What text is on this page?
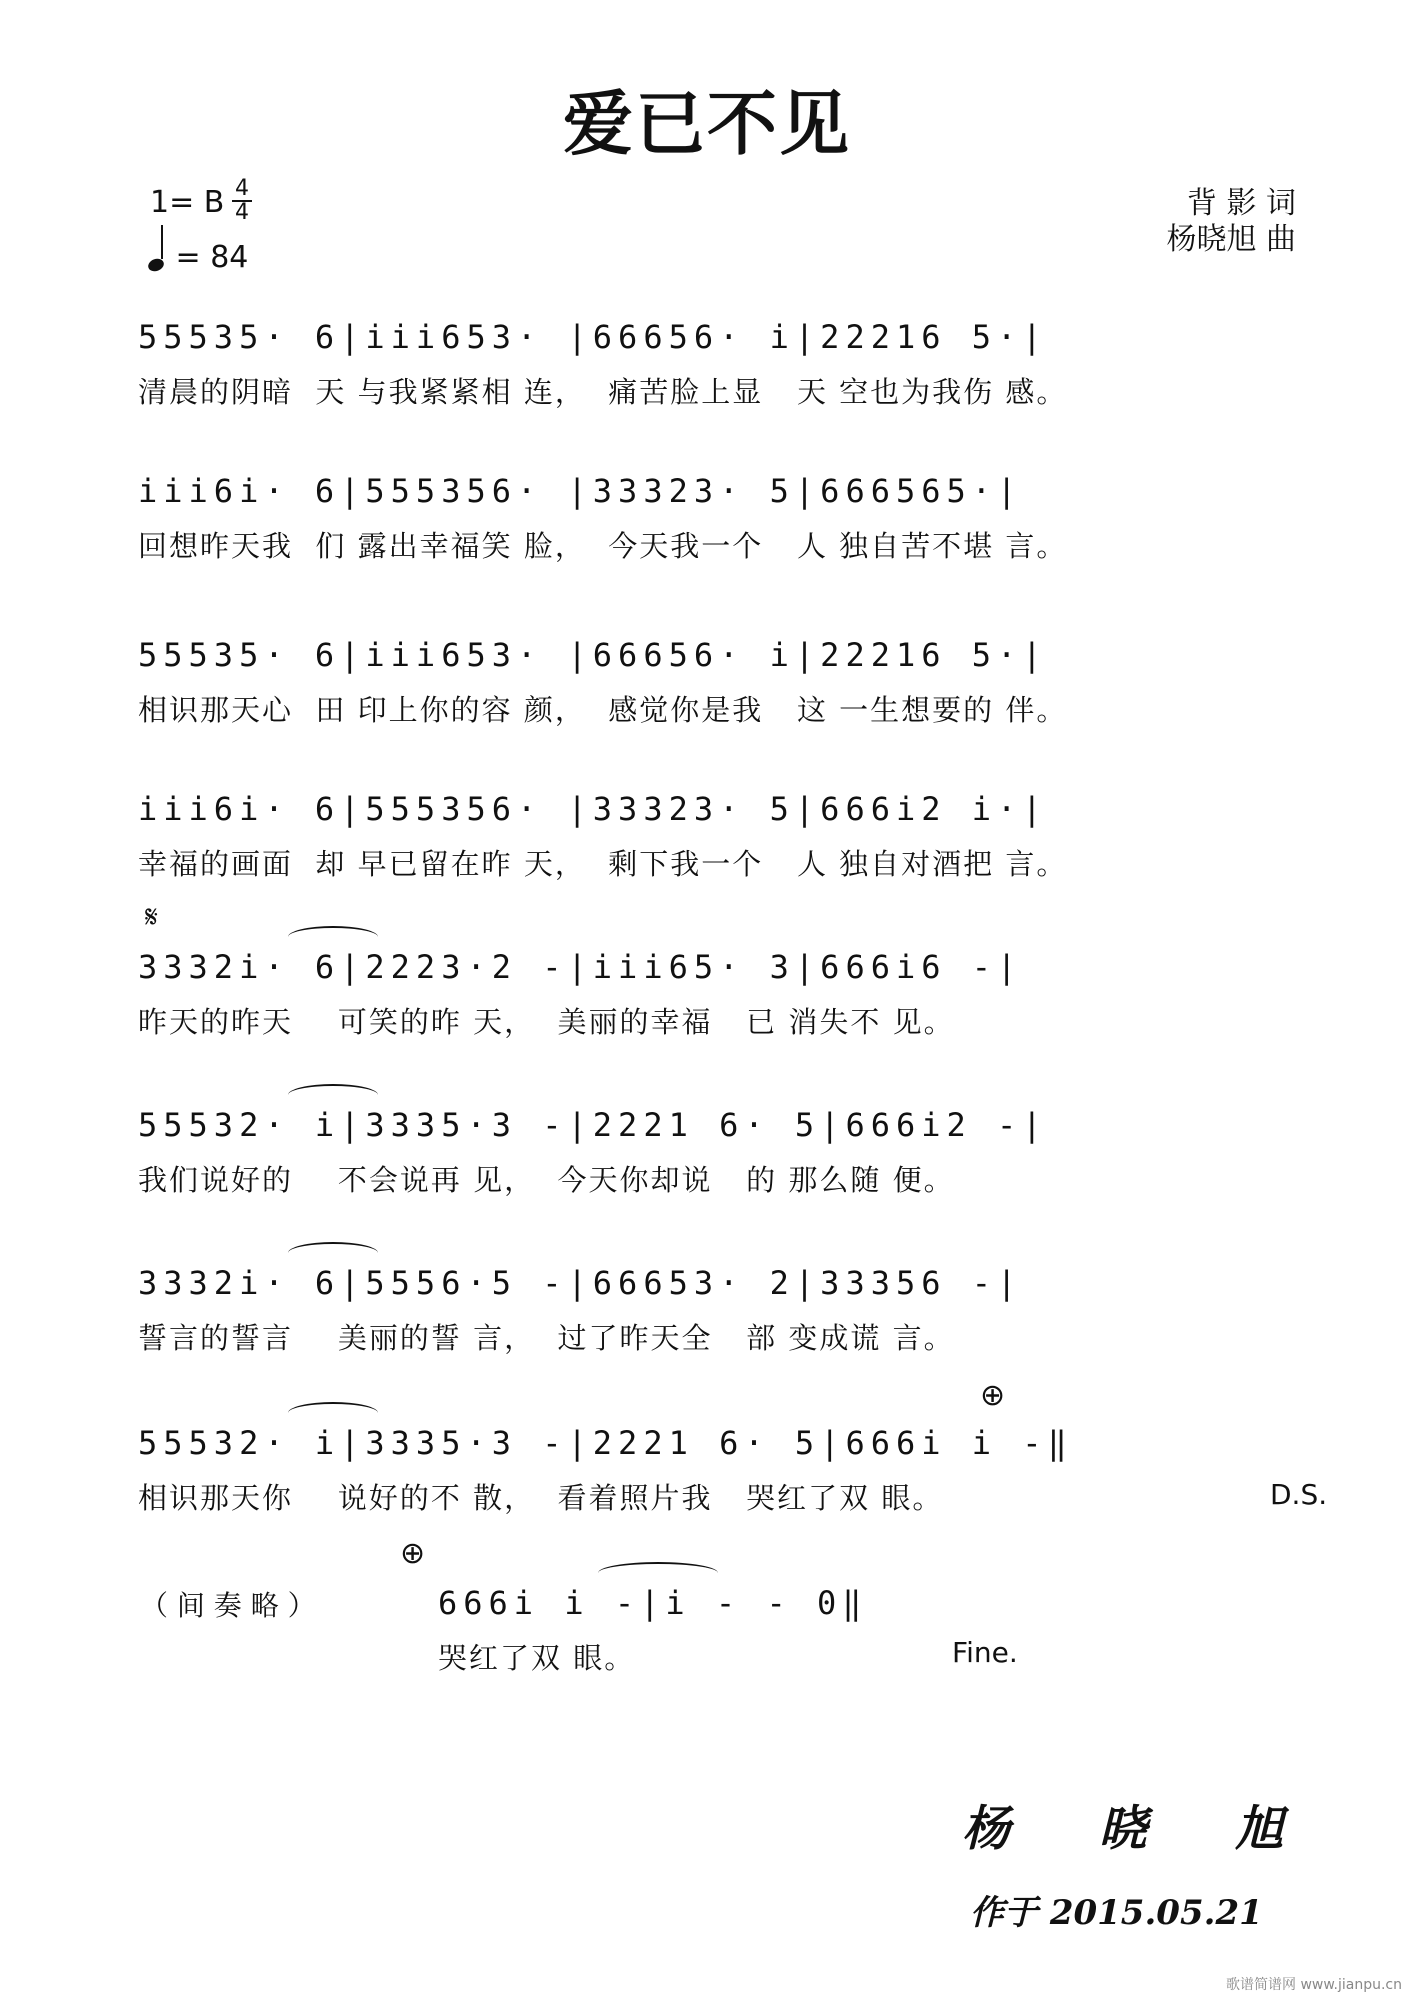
爱已不见
1= B 4
4
= 84
背 影 词
杨晓旭 曲
55535· 6|iii653· |66656· i|22216 5·|
清晨的阴暗  天 与我紧紧相 连，  痛苦脸上显   天 空也为我伤 感。
iii6i· 6|555356· |33323· 5|666565·|
回想昨天我  们 露出幸福笑 脸，  今天我一个   人 独自苦不堪 言。
55535· 6|iii653· |66656· i|22216 5·|
相识那天心  田 印上你的容 颜，  感觉你是我   这 一生想要的 伴。
iii6i· 6|555356· |33323· 5|666i2 i·|
幸福的画面  却 早已留在昨 天，  剩下我一个   人 独自对酒把 言。
𝄋
3332i· 6|2223·2 -|iii65· 3|666i6 -|
昨天的昨天    可笑的昨 天，  美丽的幸福   已 消失不 见。
55532· i|3335·3 -|2221 6· 5|666i2 -|
我们说好的    不会说再 见，  今天你却说   的 那么随 便。
3332i· 6|5556·5 -|66653· 2|33356 -|
誓言的誓言    美丽的誓 言，  过了昨天全   部 变成谎 言。
⊕
55532· i|3335·3 -|2221 6· 5|666i i -‖
相识那天你    说好的不 散，  看着照片我   哭红了双 眼。	D.S.
⊕
（ 间 奏 略 ）	666i i -|i - - 0‖
哭红了双 眼。	Fine.
杨 晓 旭
作于 2015.05.21
歌谱简谱网 www.jianpu.cn
